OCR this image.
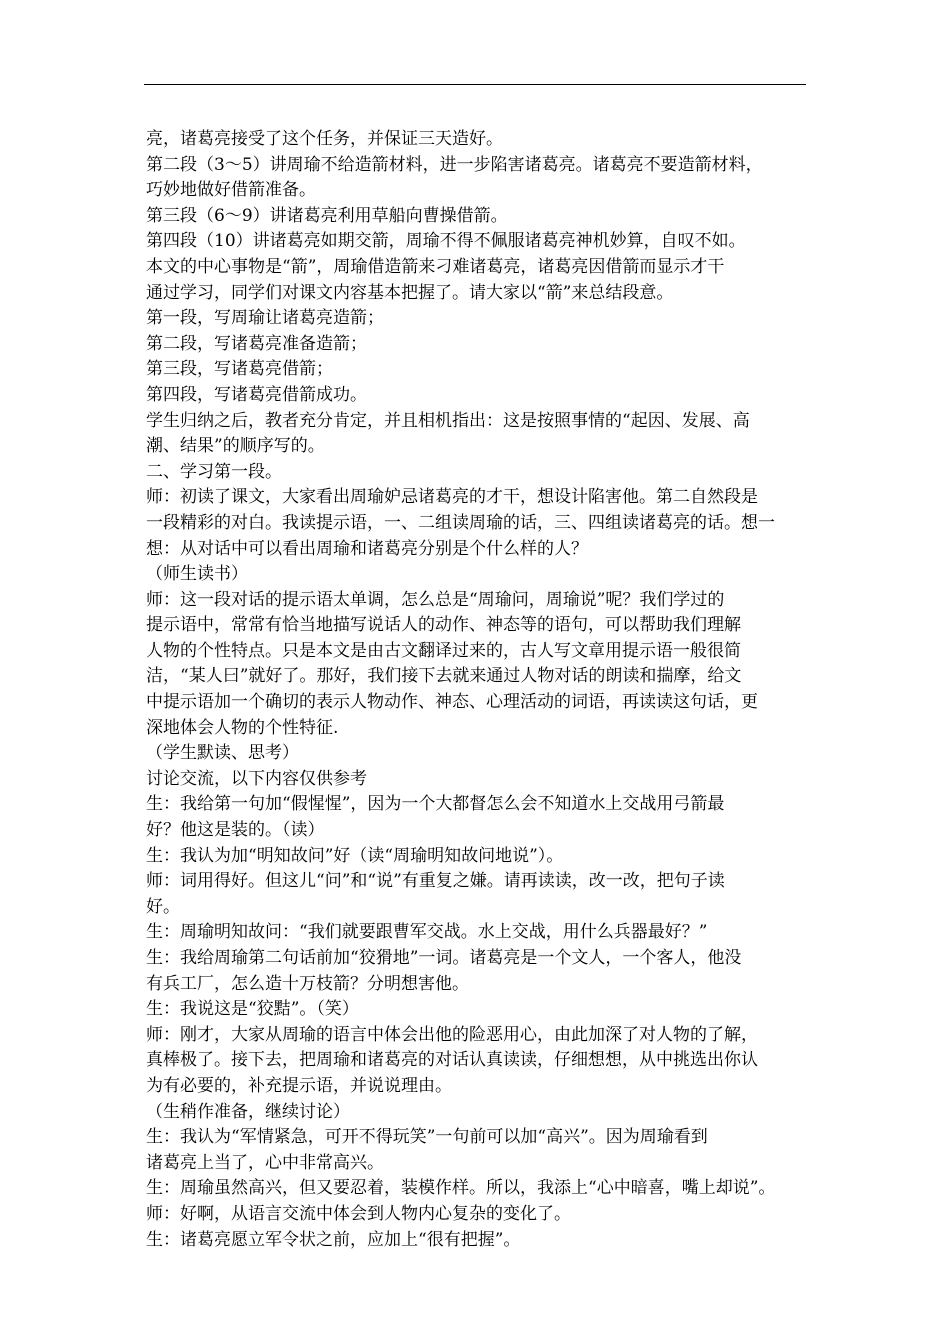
亮，诸葛亮接受了这个任务，并保证三天造好。

第二段（3～5）讲周瑜不给造箭材料，进一步陷害诸葛亮。诸葛亮不要造箭材料，

巧妙地做好借箭准备。

第三段（6～9）讲诸葛亮利用草船向曹操借箭。

第四段（10）讲诸葛亮如期交箭，周瑜不得不佩服诸葛亮神机妙算，自叹不如。

本文的中心事物是“箭”，周瑜借造箭来刁难诸葛亮，诸葛亮因借箭而显示才干

通过学习，同学们对课文内容基本把握了。请大家以“箭”来总结段意。

第一段，写周瑜让诸葛亮造箭；

第二段，写诸葛亮准备造箭；

第三段，写诸葛亮借箭；

第四段，写诸葛亮借箭成功。

学生归纳之后，教者充分肯定，并且相机指出：这是按照事情的“起因、发展、高

潮、结果”的顺序写的。

二、学习第一段。

师：初读了课文，大家看出周瑜妒忌诸葛亮的才干，想设计陷害他。第二自然段是

一段精彩的对白。我读提示语，一、二组读周瑜的话，三、四组读诸葛亮的话。想一

想：从对话中可以看出周瑜和诸葛亮分别是个什么样的人？

（师生读书）

师：这一段对话的提示语太单调，怎么总是“周瑜问，周瑜说”呢？我们学过的

提示语中，常常有恰当地描写说话人的动作、神态等的语句，可以帮助我们理解

人物的个性特点。只是本文是由古文翻译过来的，古人写文章用提示语一般很简

洁，“某人曰”就好了。那好，我们接下去就来通过人物对话的朗读和揣摩，给文

中提示语加一个确切的表示人物动作、神态、心理活动的词语，再读读这句话，更

深地体会人物的个性特征.

（学生默读、思考）

讨论交流，以下内容仅供参考

生：我给第一句加“假惺惺”，因为一个大都督怎么会不知道水上交战用弓箭最

好？他这是装的。（读）

生：我认为加“明知故问”好（读“周瑜明知故问地说”）。

师：词用得好。但这儿“问”和“说”有重复之嫌。请再读读，改一改，把句子读

好。

生：周瑜明知故问：“我们就要跟曹军交战。水上交战，用什么兵器最好？”

生：我给周瑜第二句话前加“狡猾地”一词。诸葛亮是一个文人，一个客人，他没

有兵工厂，怎么造十万枝箭？分明想害他。

生：我说这是“狡黠”。（笑）

师：刚才，大家从周瑜的语言中体会出他的险恶用心，由此加深了对人物的了解，

真棒极了。接下去，把周瑜和诸葛亮的对话认真读读，仔细想想，从中挑选出你认

为有必要的，补充提示语，并说说理由。

（生稍作准备，继续讨论）

生：我认为“军情紧急，可开不得玩笑”一句前可以加“高兴”。因为周瑜看到

诸葛亮上当了，心中非常高兴。

生：周瑜虽然高兴，但又要忍着，装模作样。所以，我添上“心中暗喜，嘴上却说”。

师：好啊，从语言交流中体会到人物内心复杂的变化了。

生：诸葛亮愿立军令状之前，应加上“很有把握”。
